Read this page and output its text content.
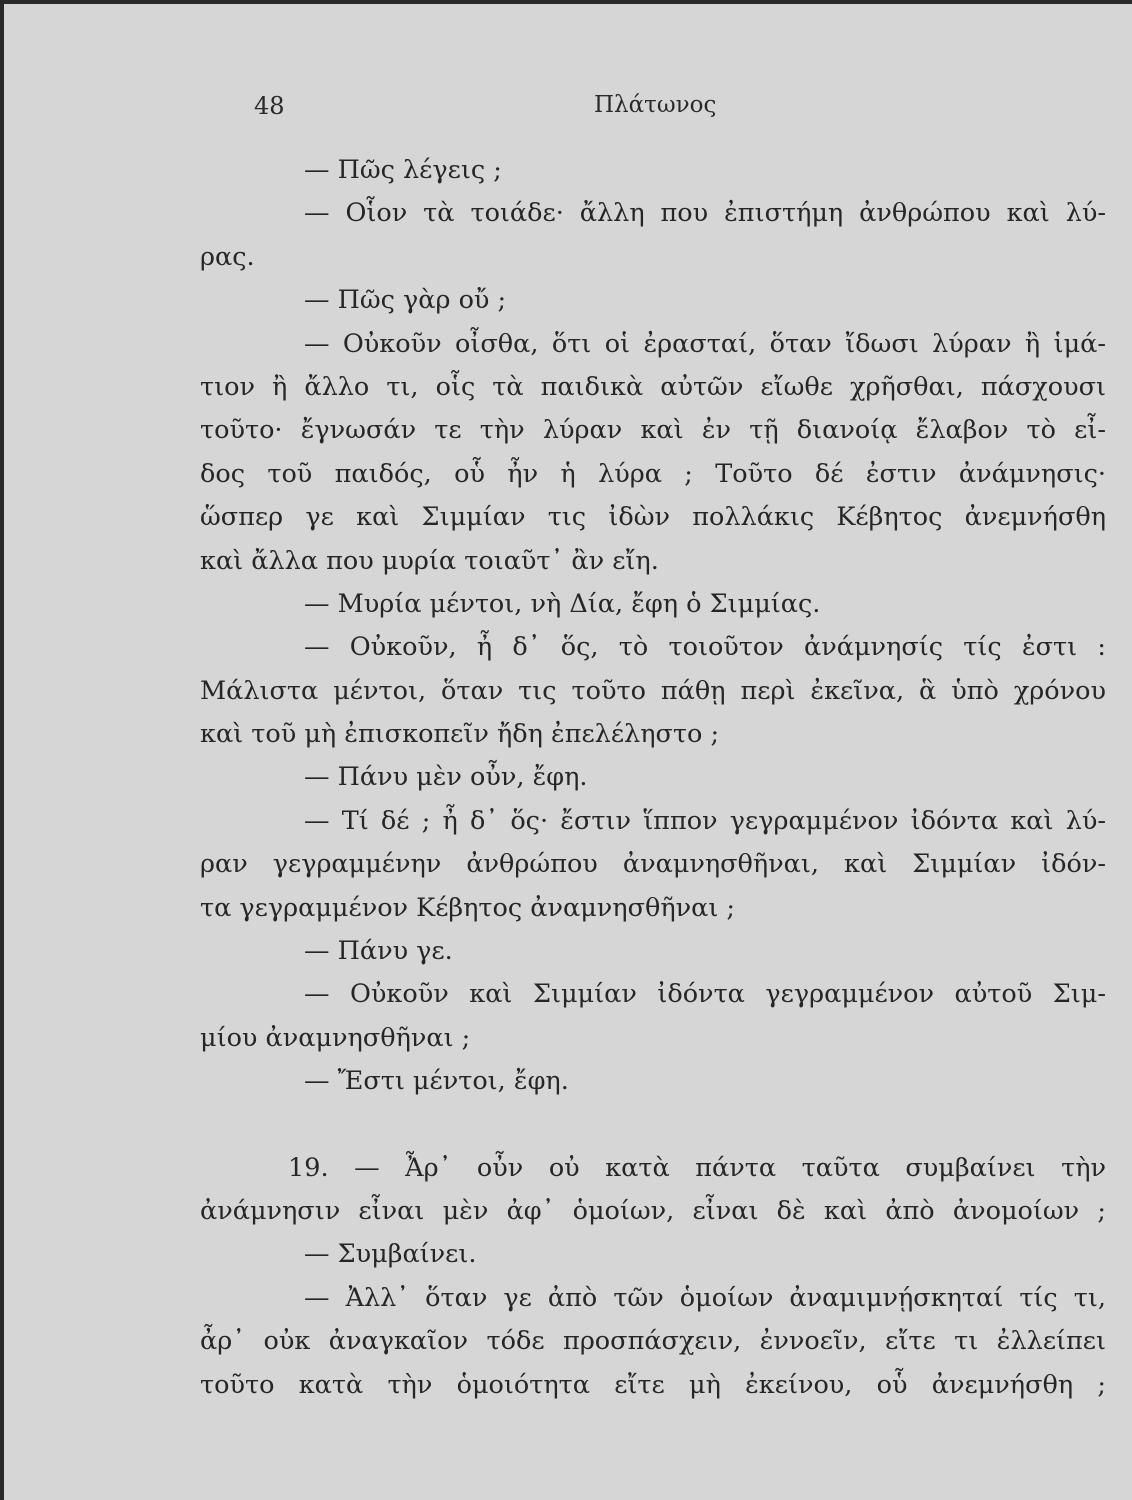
48	Πλάτωνος
— Πῶς λέγεις ;
— Οἷον τὰ τοιάδε· ἄλλη που ἐπιστήμη ἀνθρώπου καὶ λύ-
ρας.
— Πῶς γὰρ οὔ ;
— Οὐκοῦν οἶσθα, ὅτι οἱ ἐρασταί, ὅταν ἴδωσι λύραν ἢ ἱμά-
τιον ἢ ἄλλο τι, οἷς τὰ παιδικὰ αὐτῶν εἴωθε χρῆσθαι, πάσχουσι
τοῦτο· ἔγνωσάν τε τὴν λύραν καὶ ἐν τῇ διανοίᾳ ἔλαβον τὸ εἶ-
δος τοῦ παιδός, οὗ ἦν ἡ λύρα ; Τοῦτο δέ ἐστιν ἀνάμνησις·
ὥσπερ γε καὶ Σιμμίαν τις ἰδὼν πολλάκις Κέβητος ἀνεμνήσθη
καὶ ἄλλα που μυρία τοιαῦτ᾽ ἂν εἴη.
— Μυρία μέντοι, νὴ Δία, ἔφη ὁ Σιμμίας.
— Οὐκοῦν, ἦ δ᾽ ὅς, τὸ τοιοῦτον ἀνάμνησίς τίς ἐστι :
Μάλιστα μέντοι, ὅταν τις τοῦτο πάθῃ περὶ ἐκεῖνα, ἃ ὑπὸ χρόνου
καὶ τοῦ μὴ ἐπισκοπεῖν ἤδη ἐπελέληστο ;
— Πάνυ μὲν οὖν, ἔφη.
— Τί δέ ; ἦ δ᾽ ὅς· ἔστιν ἵππον γεγραμμένον ἰδόντα καὶ λύ-
ραν γεγραμμένην ἀνθρώπου ἀναμνησθῆναι, καὶ Σιμμίαν ἰδόν-
τα γεγραμμένον Κέβητος ἀναμνησθῆναι ;
— Πάνυ γε.
— Οὐκοῦν καὶ Σιμμίαν ἰδόντα γεγραμμένον αὐτοῦ Σιμ-
μίου ἀναμνησθῆναι ;
— Ἔστι μέντοι, ἔφη.
19. — Ἆρ᾽ οὖν οὐ κατὰ πάντα ταῦτα συμβαίνει τὴν
ἀνάμνησιν εἶναι μὲν ἀφ᾽ ὁμοίων, εἶναι δὲ καὶ ἀπὸ ἀνομοίων ;
— Συμβαίνει.
— Ἀλλ᾽ ὅταν γε ἀπὸ τῶν ὁμοίων ἀναμιμνῄσκηταί τίς τι,
ἆρ᾽ οὐκ ἀναγκαῖον τόδε προσπάσχειν, ἐννοεῖν, εἴτε τι ἐλλείπει
τοῦτο κατὰ τὴν ὁμοιότητα εἴτε μὴ ἐκείνου, οὗ ἀνεμνήσθη ;
